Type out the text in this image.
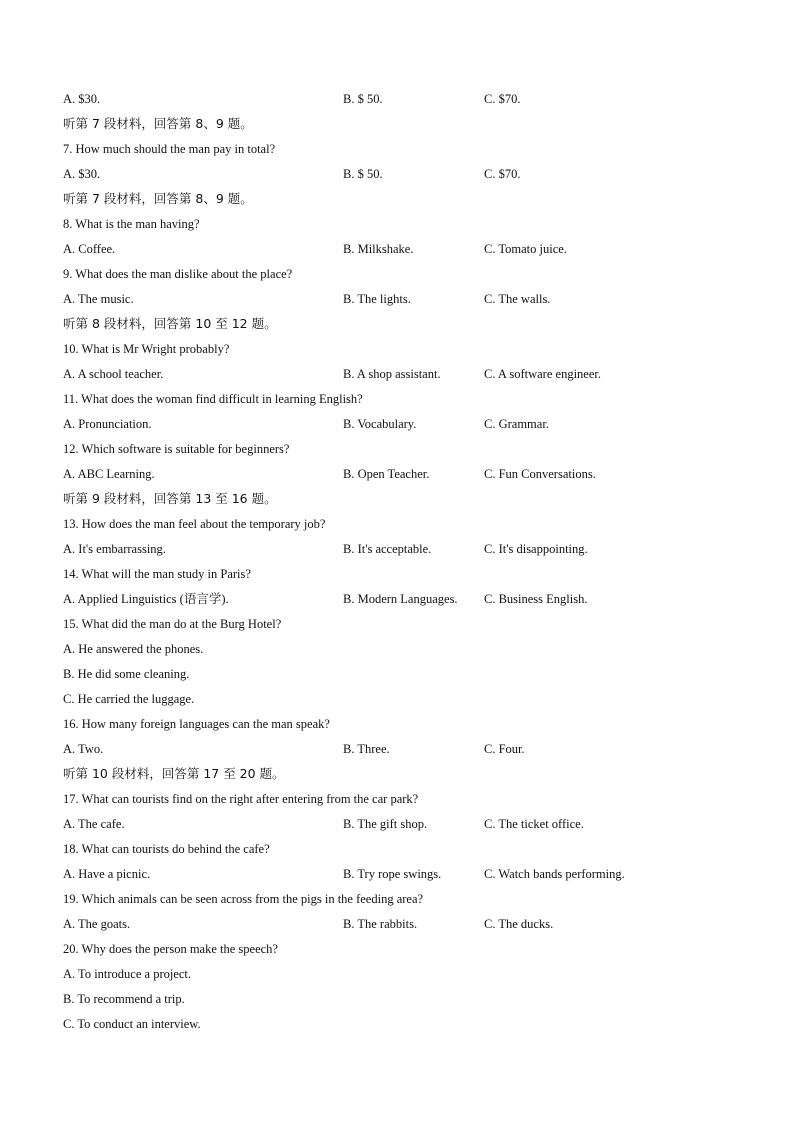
A. $30.	B. $ 50.	C. $70.
听第 7 段材料，回答第 8、9 题。
7. How much should the man pay in total?
A. $30.	B. $ 50.	C. $70.
听第 7 段材料，回答第 8、9 题。
8. What is the man having?
A. Coffee.	B. Milkshake.	C. Tomato juice.
9. What does the man dislike about the place?
A. The music.	B. The lights.	C. The walls.
听第 8 段材料，回答第 10 至 12 题。
10. What is Mr Wright probably?
A. A school teacher.	B. A shop assistant.	C. A software engineer.
11. What does the woman find difficult in learning English?
A. Pronunciation.	B. Vocabulary.	C. Grammar.
12. Which software is suitable for beginners?
A. ABC Learning.	B. Open Teacher.	C. Fun Conversations.
听第 9 段材料，回答第 13 至 16 题。
13. How does the man feel about the temporary job?
A. It's embarrassing.	B. It's acceptable.	C. It's disappointing.
14. What will the man study in Paris?
A. Applied Linguistics (语言学).	B. Modern Languages.	C. Business English.
15. What did the man do at the Burg Hotel?
A. He answered the phones.
B. He did some cleaning.
C. He carried the luggage.
16. How many foreign languages can the man speak?
A. Two.	B. Three.	C. Four.
听第 10 段材料，回答第 17 至 20 题。
17. What can tourists find on the right after entering from the car park?
A. The cafe.	B. The gift shop.	C. The ticket office.
18. What can tourists do behind the cafe?
A. Have a picnic.	B. Try rope swings.	C. Watch bands performing.
19. Which animals can be seen across from the pigs in the feeding area?
A. The goats.	B. The rabbits.	C. The ducks.
20. Why does the person make the speech?
A. To introduce a project.
B. To recommend a trip.
C. To conduct an interview.
